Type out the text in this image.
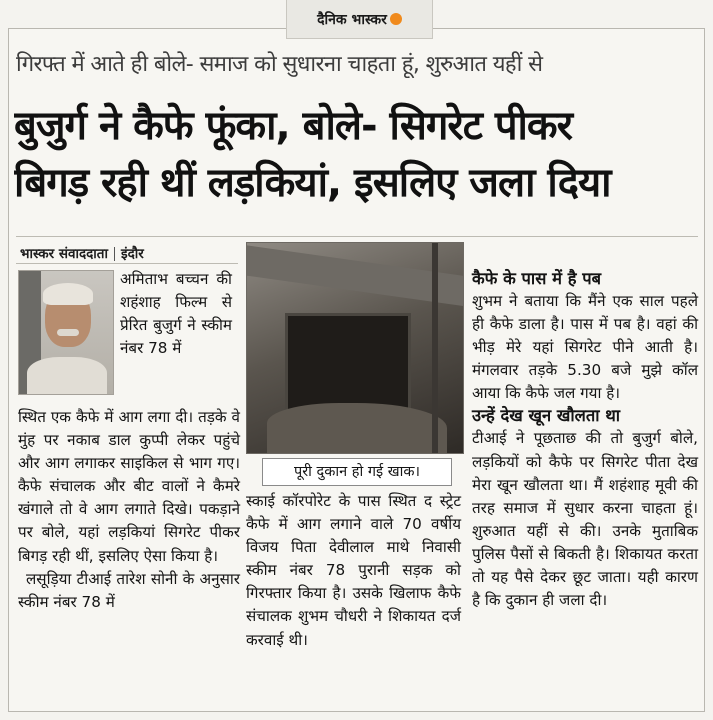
दैनिक भास्कर
गिरफ्त में आते ही बोले- समाज को सुधारना चाहता हूं, शुरुआत यहीं से
बुजुर्ग ने कैफे फूंका, बोले- सिगरेट पीकर
बिगड़ रही थीं लड़कियां, इसलिए जला दिया
भास्कर संवाददाता इंदौर

अमिताभ बच्चन की शहंशाह फिल्म से प्रेरित बुजुर्ग ने स्कीम नंबर 78 में

स्थित एक कैफे में आग लगा दी। तड़के वे मुंह पर नकाब डाल कुप्पी लेकर पहुंचे और आग लगाकर साइकिल से भाग गए। कैफे संचालक और बीट वालों ने कैमरे खंगाले तो वे आग लगाते दिखे। पकड़ाने पर बोले, यहां लड़कियां सिगरेट पीकर बिगड़ रही थीं, इसलिए ऐसा किया है।

लसूड़िया टीआई तारेश सोनी के अनुसार स्कीम नंबर 78 में

पूरी दुकान हो गई खाक।

स्काई कॉरपोरेट के पास स्थित द स्ट्रेट कैफे में आग लगाने वाले 70 वर्षीय विजय पिता देवीलाल माथे निवासी स्कीम नंबर 78 पुरानी सड़क को गिरफ्तार किया है। उसके खिलाफ कैफे संचालक शुभम चौधरी ने शिकायत दर्ज करवाई थी।

कैफे के पास में है पब

शुभम ने बताया कि मैंने एक साल पहले ही कैफे डाला है। पास में पब है। वहां की भीड़ मेरे यहां सिगरेट पीने आती है। मंगलवार तड़के 5.30 बजे मुझे कॉल आया कि कैफे जल गया है।

उन्हें देख खून खौलता था

टीआई ने पूछताछ की तो बुजुर्ग बोले, लड़कियों को कैफे पर सिगरेट पीता देख मेरा खून खौलता था। मैं शहंशाह मूवी की तरह समाज में सुधार करना चाहता हूं। शुरुआत यहीं से की। उनके मुताबिक पुलिस पैसों से बिकती है। शिकायत करता तो यह पैसे देकर छूट जाता। यही कारण है कि दुकान ही जला दी।
